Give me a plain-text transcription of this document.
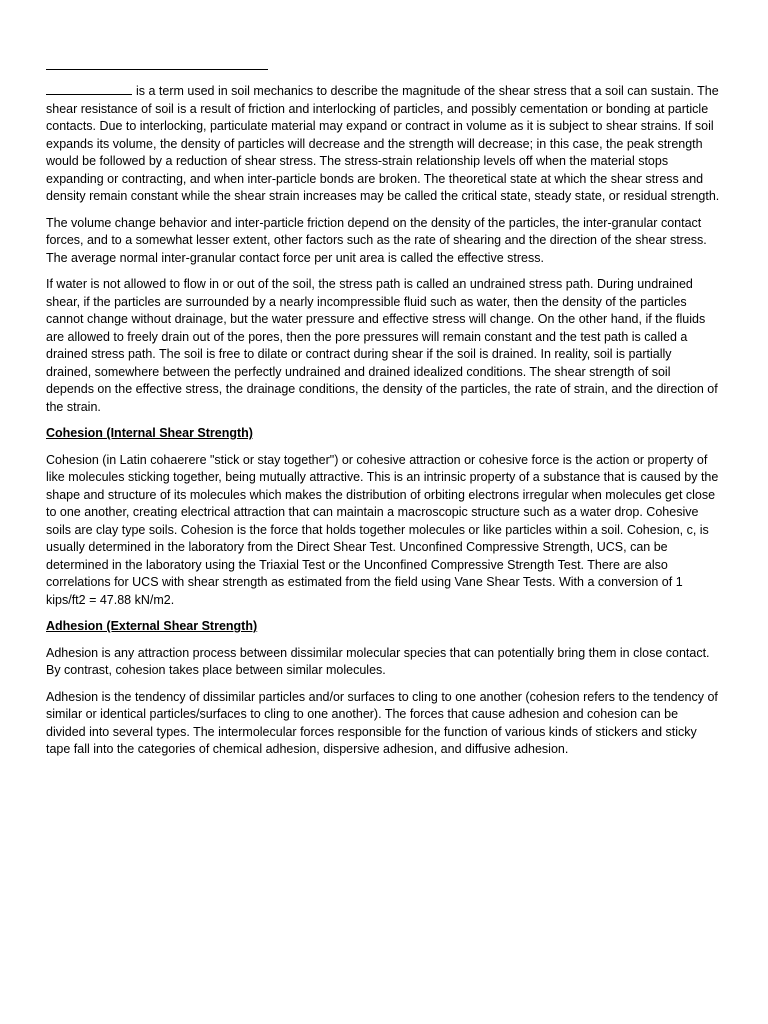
is a term used in soil mechanics to describe the magnitude of the shear stress that a soil can sustain. The shear resistance of soil is a result of friction and interlocking of particles, and possibly cementation or bonding at particle contacts. Due to interlocking, particulate material may expand or contract in volume as it is subject to shear strains. If soil expands its volume, the density of particles will decrease and the strength will decrease; in this case, the peak strength would be followed by a reduction of shear stress. The stress-strain relationship levels off when the material stops expanding or contracting, and when inter-particle bonds are broken. The theoretical state at which the shear stress and density remain constant while the shear strain increases may be called the critical state, steady state, or residual strength.

The volume change behavior and inter-particle friction depend on the density of the particles, the inter-granular contact forces, and to a somewhat lesser extent, other factors such as the rate of shearing and the direction of the shear stress. The average normal inter-granular contact force per unit area is called the effective stress.

If water is not allowed to flow in or out of the soil, the stress path is called an undrained stress path. During undrained shear, if the particles are surrounded by a nearly incompressible fluid such as water, then the density of the particles cannot change without drainage, but the water pressure and effective stress will change. On the other hand, if the fluids are allowed to freely drain out of the pores, then the pore pressures will remain constant and the test path is called a drained stress path. The soil is free to dilate or contract during shear if the soil is drained. In reality, soil is partially drained, somewhere between the perfectly undrained and drained idealized conditions. The shear strength of soil depends on the effective stress, the drainage conditions, the density of the particles, the rate of strain, and the direction of the strain.

Cohesion (Internal Shear Strength)

Cohesion (in Latin cohaerere "stick or stay together") or cohesive attraction or cohesive force is the action or property of like molecules sticking together, being mutually attractive. This is an intrinsic property of a substance that is caused by the shape and structure of its molecules which makes the distribution of orbiting electrons irregular when molecules get close to one another, creating electrical attraction that can maintain a macroscopic structure such as a water drop. Cohesive soils are clay type soils. Cohesion is the force that holds together molecules or like particles within a soil. Cohesion, c, is usually determined in the laboratory from the Direct Shear Test. Unconfined Compressive Strength, UCS, can be determined in the laboratory using the Triaxial Test or the Unconfined Compressive Strength Test. There are also correlations for UCS with shear strength as estimated from the field using Vane Shear Tests. With a conversion of 1 kips/ft2 = 47.88 kN/m2.

Adhesion (External Shear Strength)

Adhesion is any attraction process between dissimilar molecular species that can potentially bring them in close contact. By contrast, cohesion takes place between similar molecules.

Adhesion is the tendency of dissimilar particles and/or surfaces to cling to one another (cohesion refers to the tendency of similar or identical particles/surfaces to cling to one another). The forces that cause adhesion and cohesion can be divided into several types. The intermolecular forces responsible for the function of various kinds of stickers and sticky tape fall into the categories of chemical adhesion, dispersive adhesion, and diffusive adhesion.
